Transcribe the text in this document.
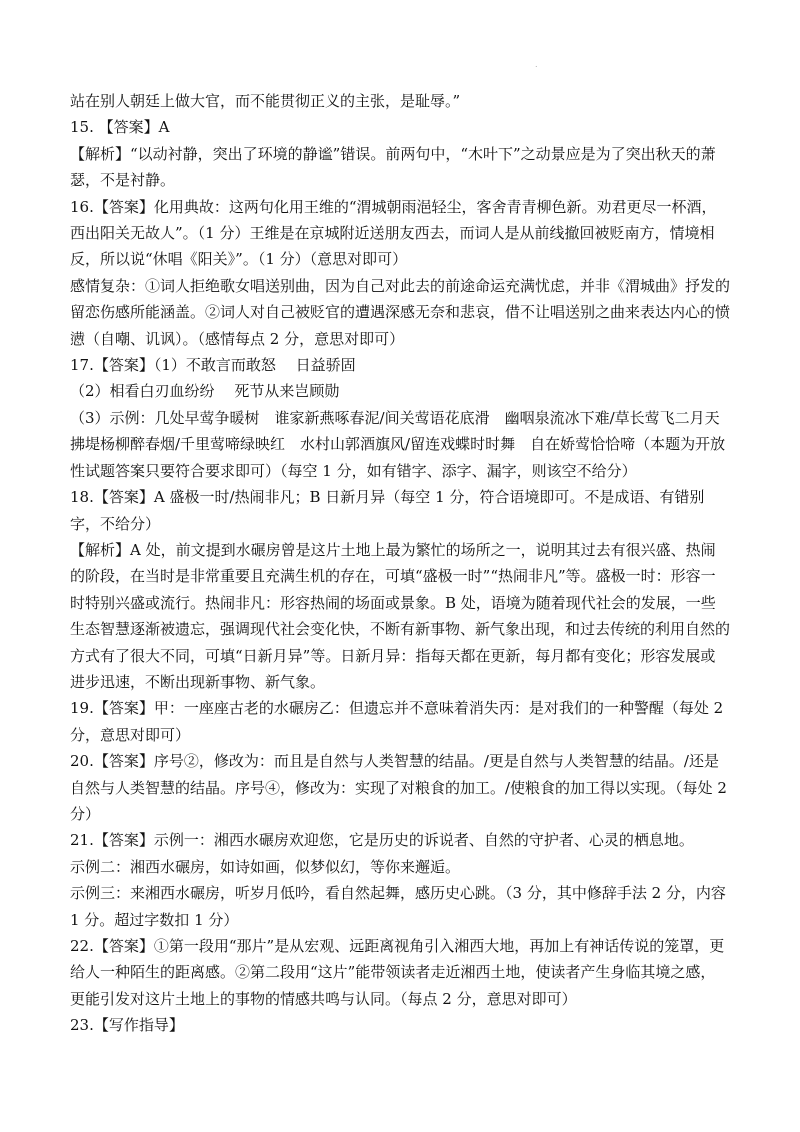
.

站在别人朝廷上做大官，而不能贯彻正义的主张，是耻辱。”

15. 【答案】A

【解析】“以动衬静，突出了环境的静谧”错误。前两句中，“木叶下”之动景应是为了突出秋天的萧瑟，不是衬静。

16.【答案】化用典故：这两句化用王维的“渭城朝雨浥轻尘，客舍青青柳色新。劝君更尽一杯酒，西出阳关无故人”。（1 分）王维是在京城附近送朋友西去，而词人是从前线撤回被贬南方，情境相反，所以说“休唱《阳关》”。（1 分）（意思对即可）

感情复杂：①词人拒绝歌女唱送别曲，因为自己对此去的前途命运充满忧虑，并非《渭城曲》抒发的留恋伤感所能涵盖。②词人对自己被贬官的遭遇深感无奈和悲哀，借不让唱送别之曲来表达内心的愤懑（自嘲、讥讽）。（感情每点 2 分，意思对即可）

17.【答案】（1）不敢言而敢怒　 日益骄固

（2）相看白刃血纷纷　 死节从来岂顾勋

（3）示例：几处早莺争暖树　谁家新燕啄春泥/间关莺语花底滑　幽咽泉流冰下难/草长莺飞二月天　拂堤杨柳醉春烟/千里莺啼绿映红　水村山郭酒旗风/留连戏蝶时时舞　自在娇莺恰恰啼（本题为开放性试题答案只要符合要求即可）（每空 1 分，如有错字、添字、漏字，则该空不给分）

18.【答案】A 盛极一时/热闹非凡；B 日新月异（每空 1 分，符合语境即可。不是成语、有错别字，不给分）

【解析】A 处，前文提到水碾房曾是这片土地上最为繁忙的场所之一，说明其过去有很兴盛、热闹的阶段，在当时是非常重要且充满生机的存在，可填“盛极一时”“热闹非凡”等。盛极一时：形容一时特别兴盛或流行。热闹非凡：形容热闹的场面或景象。B 处，语境为随着现代社会的发展，一些生态智慧逐渐被遗忘，强调现代社会变化快，不断有新事物、新气象出现，和过去传统的利用自然的方式有了很大不同，可填“日新月异”等。日新月异：指每天都在更新，每月都有变化；形容发展或进步迅速，不断出现新事物、新气象。

19.【答案】甲：一座座古老的水碾房乙：但遗忘并不意味着消失丙：是对我们的一种警醒（每处 2 分，意思对即可）

20.【答案】序号②，修改为：而且是自然与人类智慧的结晶。/更是自然与人类智慧的结晶。/还是自然与人类智慧的结晶。序号④，修改为：实现了对粮食的加工。/使粮食的加工得以实现。（每处 2 分）

21.【答案】示例一：湘西水碾房欢迎您，它是历史的诉说者、自然的守护者、心灵的栖息地。

示例二：湘西水碾房，如诗如画，似梦似幻，等你来邂逅。

示例三：来湘西水碾房，听岁月低吟，看自然起舞，感历史心跳。（3 分，其中修辞手法 2 分，内容 1 分。超过字数扣 1 分）

22.【答案】①第一段用“那片”是从宏观、远距离视角引入湘西大地，再加上有神话传说的笼罩，更给人一种陌生的距离感。②第二段用“这片”能带领读者走近湘西土地，使读者产生身临其境之感，更能引发对这片土地上的事物的情感共鸣与认同。（每点 2 分，意思对即可）

23.【写作指导】
